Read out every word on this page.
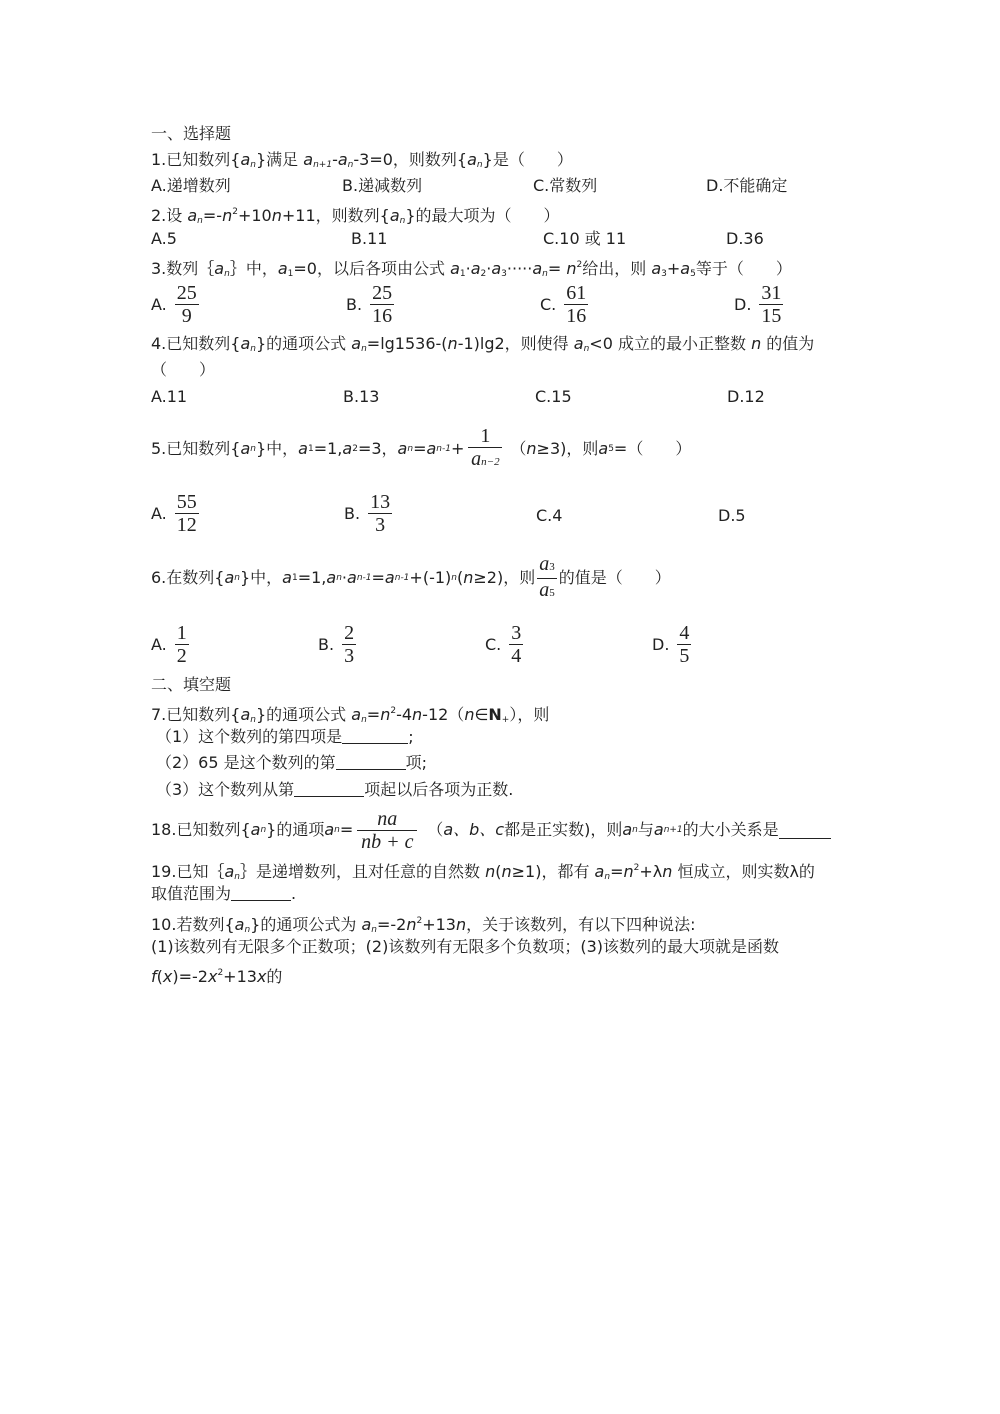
一、选择题
1.已知数列{an}满足 an+1-an-3=0，则数列{an}是（　　）
A.递增数列	B.递减数列	C.常数列	D.不能确定
2.设 $an=-n^2+10n+11$，则数列{an}的最大项为（　　）
A.5	B.11	C.10 或 11	D.36
3.数列｛an｝中，$a_1=0$，以后各项由公式 $a_1\cdot a_2\cdot a_3\cdot\cdot\cdot\cdot\cdot an= n^2$给出，则 $a_3+a_5$等于（　　）
A. $\frac{25}{9}$	B. $\frac{25}{16}$	C. $\frac{61}{16}$	D. $\frac{31}{15}$
4.已知数列{an}的通项公式 an=lg1536-(n-1)lg2，则使得 an<0 成立的最小正整数 n 的值为
（　　）
A.11	B.13	C.15	D.12
5.已知数列{ a n }中， a 1 =1, a 2 =3， a n = a $n-1 + \frac{1}{an-2}$ （ n ≥3)，则 a 5 =（　　）
A. $\frac{55}{12}$	B. $\frac{13}{3}$	C.4	D.5
6.在数列{ a n }中， a 1 =1, a n · a n-1 = a n-1 +(-1) n ( n ≥2)，则 $\frac{a3}{a5}$ 的值是（　　）
A. $\frac{1}{2}$	B. $\frac{2}{3}$	C. $\frac{3}{4}$	D. $\frac{4}{5}$
二、填空题
7.已知数列{an}的通项公式 $an=n^2-4n-12(n\in N_+)$，则
（1）这个数列的第四项是	;
（2）65 是这个数列的第	项;
（3）这个数列从第	项起以后各项为正数.
18.已知数列{ a n }的通项 a $n = \frac{na}{nb + c}$ （ a、b、c 都是正实数)，则 a n 与 a n+1 的大小关系是
19.已知｛an｝是递增数列，且对任意的自然数 n(n≥1)，都有 $an=n^2+\lambda n$ 恒成立，则实数λ的
取值范围为	.
10.若数列{an}的通项公式为 $an=-2n^2+13n$，关于该数列，有以下四种说法:
(1)该数列有无限多个正数项；(2)该数列有无限多个负数项；(3)该数列的最大项就是函数
$f(x)=-2x^2+13x$的
